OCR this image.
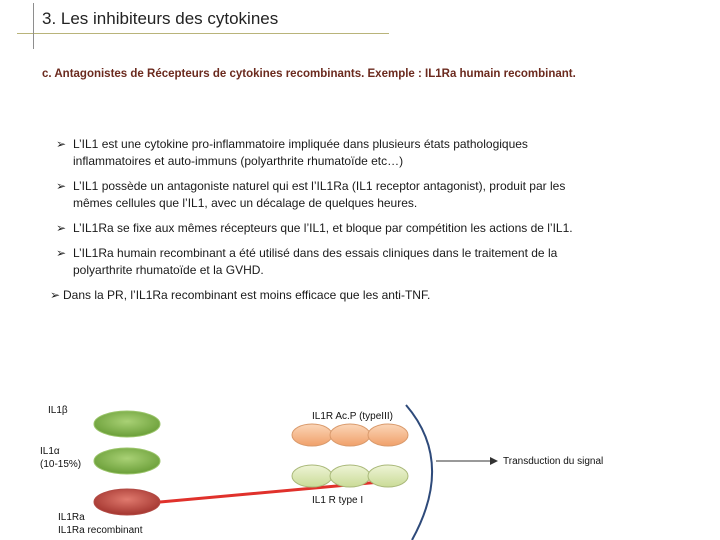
3. Les inhibiteurs des cytokines
c. Antagonistes de Récepteurs de cytokines recombinants. Exemple : IL1Ra humain recombinant.
➢ L’IL1 est une cytokine pro-inflammatoire impliquée dans plusieurs états pathologiques
inflammatoires et auto-immuns (polyarthrite rhumatoïde etc…)
➢ L’IL1 possède un antagoniste naturel qui est l’IL1Ra (IL1 receptor antagonist), produit par les
mêmes cellules que l’IL1, avec un décalage de quelques heures.
➢ L’IL1Ra se fixe aux mêmes récepteurs que l’IL1, et bloque par compétition les actions de l’IL1.
➢ L’IL1Ra humain recombinant a été utilisé dans des essais cliniques dans le traitement de la
polyarthrite rhumatoïde et la GVHD.
➢ Dans la PR, l’IL1Ra recombinant est moins efficace que les anti-TNF.
IL1β
IL1α
(10-15%)
IL1Ra
IL1Ra recombinant
IL1R Ac.P (typeIII)
IL1 R type I
Transduction du signal
